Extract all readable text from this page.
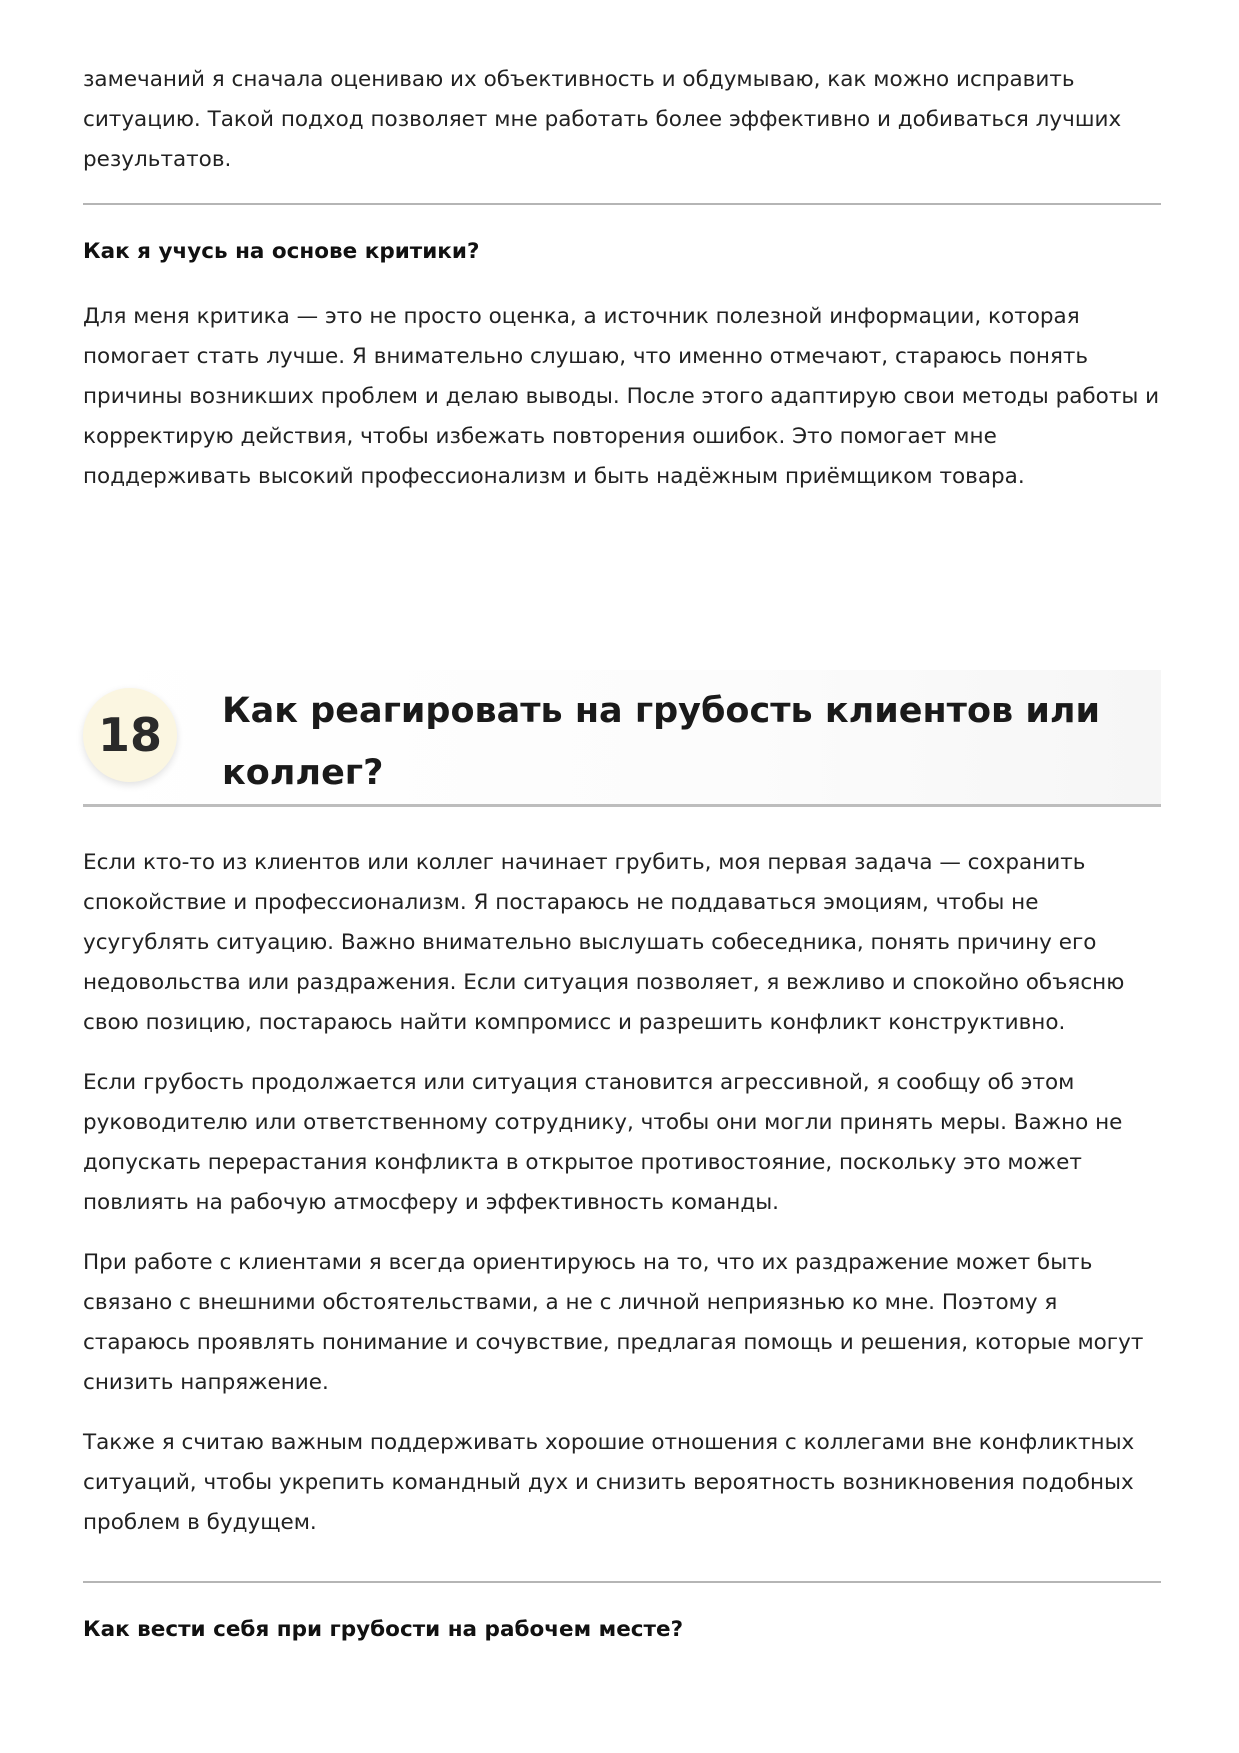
замечаний я сначала оцениваю их объективность и обдумываю, как можно исправить ситуацию. Такой подход позволяет мне работать более эффективно и добиваться лучших результатов.

Как я учусь на основе критики?

Для меня критика — это не просто оценка, а источник полезной информации, которая помогает стать лучше. Я внимательно слушаю, что именно отмечают, стараюсь понять причины возникших проблем и делаю выводы. После этого адаптирую свои методы работы и корректирую действия, чтобы избежать повторения ошибок. Это помогает мне поддерживать высокий профессионализм и быть надёжным приёмщиком товара.

18	Как реагировать на грубость клиентов или коллег?

Если кто-то из клиентов или коллег начинает грубить, моя первая задача — сохранить спокойствие и профессионализм. Я постараюсь не поддаваться эмоциям, чтобы не усугублять ситуацию. Важно внимательно выслушать собеседника, понять причину его недовольства или раздражения. Если ситуация позволяет, я вежливо и спокойно объясню свою позицию, постараюсь найти компромисс и разрешить конфликт конструктивно.

Если грубость продолжается или ситуация становится агрессивной, я сообщу об этом руководителю или ответственному сотруднику, чтобы они могли принять меры. Важно не допускать перерастания конфликта в открытое противостояние, поскольку это может повлиять на рабочую атмосферу и эффективность команды.

При работе с клиентами я всегда ориентируюсь на то, что их раздражение может быть связано с внешними обстоятельствами, а не с личной неприязнью ко мне. Поэтому я стараюсь проявлять понимание и сочувствие, предлагая помощь и решения, которые могут снизить напряжение.

Также я считаю важным поддерживать хорошие отношения с коллегами вне конфликтных ситуаций, чтобы укрепить командный дух и снизить вероятность возникновения подобных проблем в будущем.

Как вести себя при грубости на рабочем месте?
